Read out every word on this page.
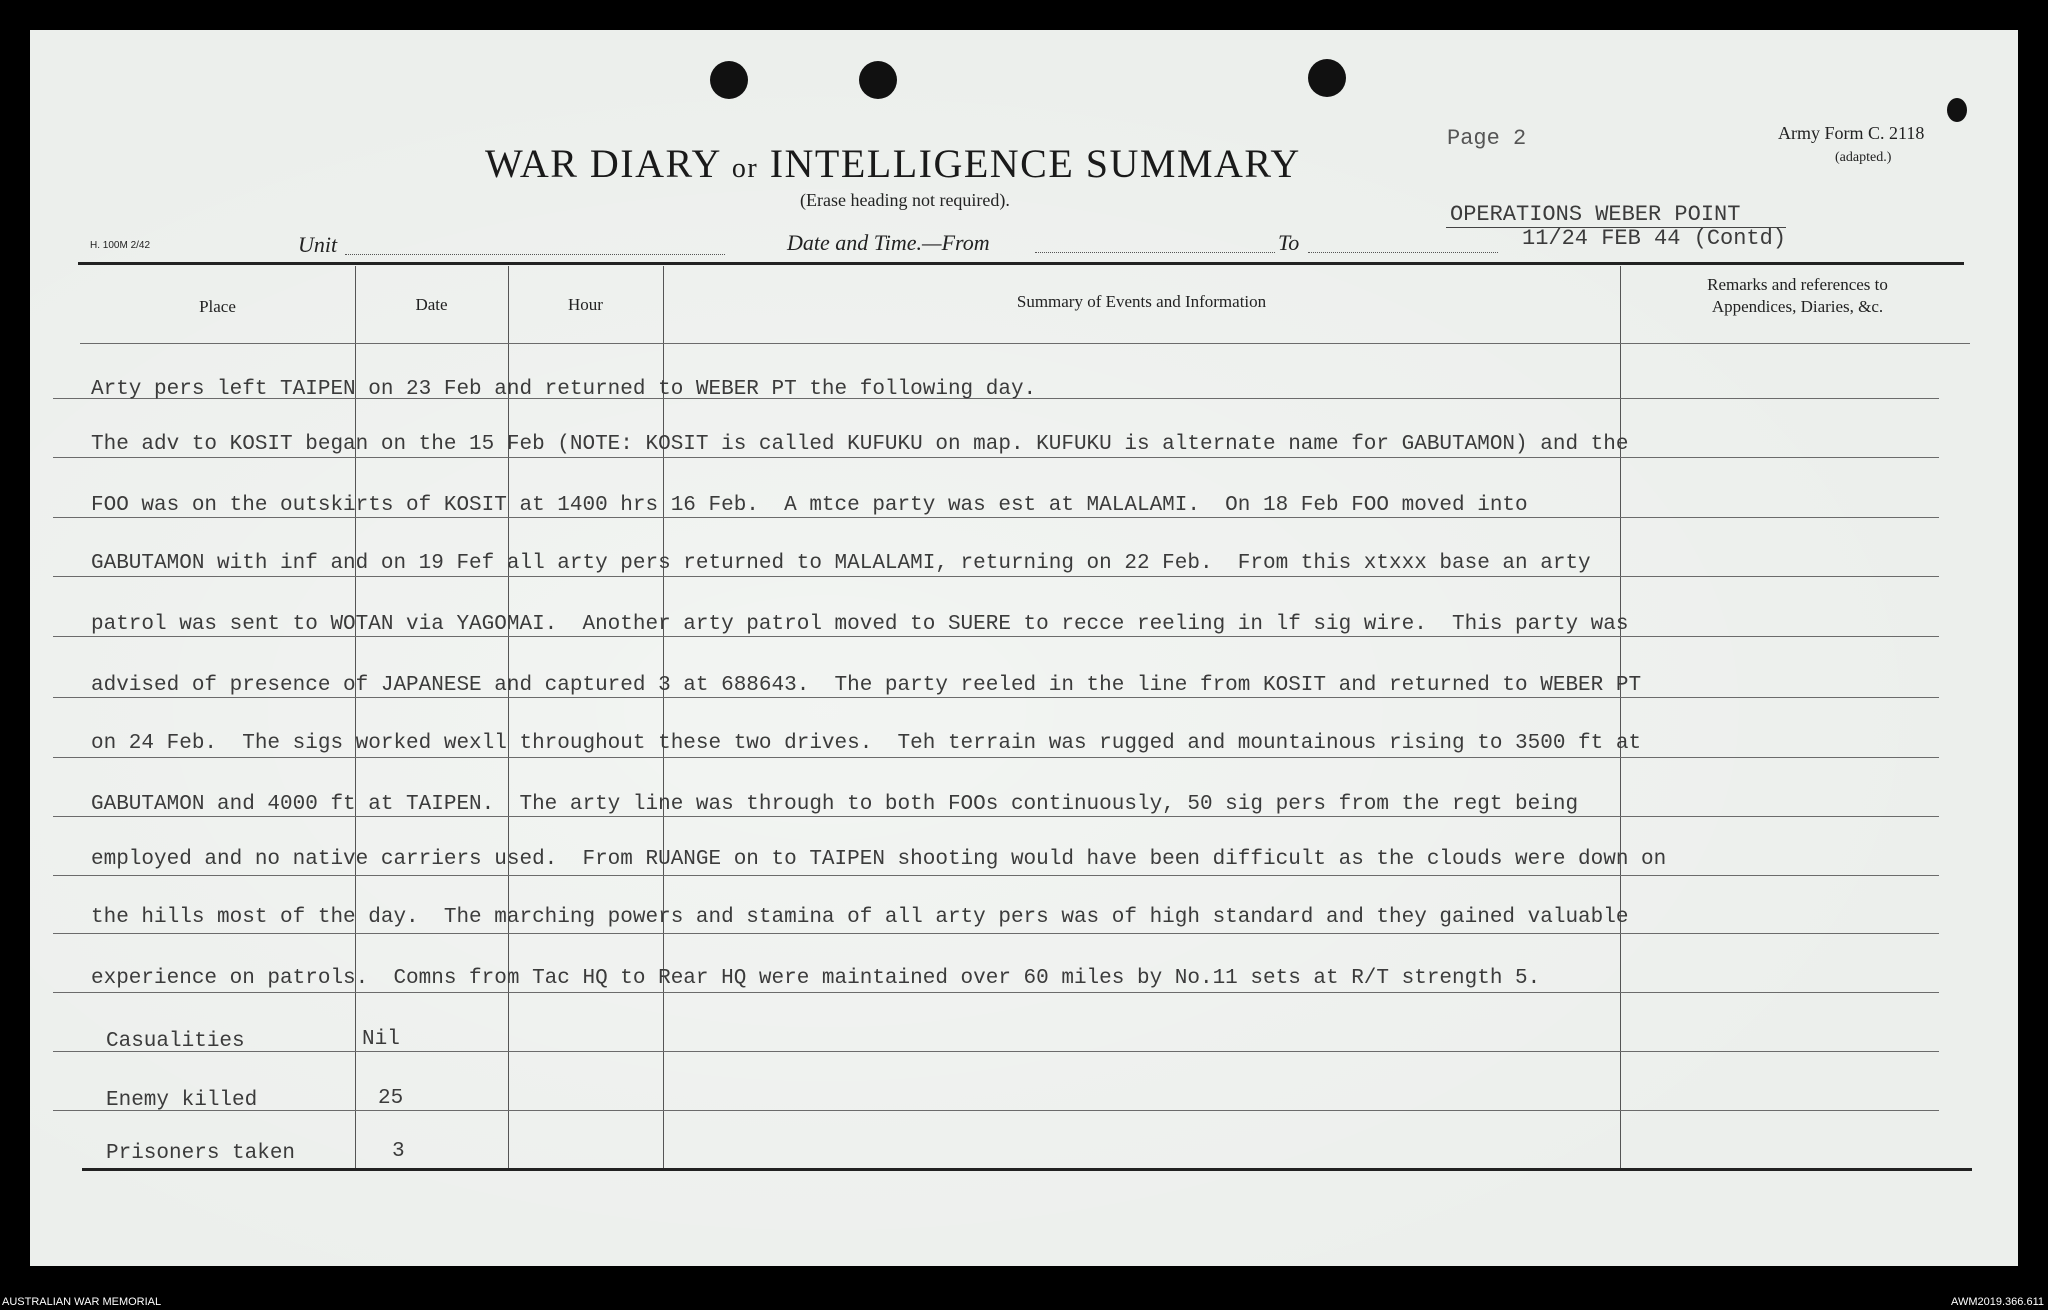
WAR DIARY or INTELLIGENCE SUMMARY
(Erase heading not required).
Page 2	Army Form C. 2118
(adapted.)
H. 100M 2/42	Unit	Date and Time.—From	To
OPERATIONS WEBER POINT
11/24 FEB 44 (Contd)
Place	Date	Hour	Summary of Events and Information
Remarks and references to
Appendices, Diaries, &c.
Arty pers left TAIPEN on 23 Feb and returned to WEBER PT the following day.
The adv to KOSIT began on the 15 Feb (NOTE: KOSIT is called KUFUKU on map. KUFUKU is alternate name for GABUTAMON) and the
FOO was on the outskirts of KOSIT at 1400 hrs 16 Feb.  A mtce party was est at MALALAMI.  On 18 Feb FOO moved into
GABUTAMON with inf and on 19 Fef all arty pers returned to MALALAMI, returning on 22 Feb.  From this xtxxx base an arty
patrol was sent to WOTAN via YAGOMAI.  Another arty patrol moved to SUERE to recce reeling in lf sig wire.  This party was
advised of presence of JAPANESE and captured 3 at 688643.  The party reeled in the line from KOSIT and returned to WEBER PT
on 24 Feb.  The sigs worked wexll throughout these two drives.  Teh terrain was rugged and mountainous rising to 3500 ft at
GABUTAMON and 4000 ft at TAIPEN.  The arty line was through to both FOOs continuously, 50 sig pers from the regt being
employed and no native carriers used.  From RUANGE on to TAIPEN shooting would have been difficult as the clouds were down on
the hills most of the day.  The marching powers and stamina of all arty pers was of high standard and they gained valuable
experience on patrols.  Comns from Tac HQ to Rear HQ were maintained over 60 miles by No.11 sets at R/T strength 5.
Casualities	Nil
Enemy killed	25
Prisoners taken	3
AUSTRALIAN WAR MEMORIAL	AWM2019.366.611
